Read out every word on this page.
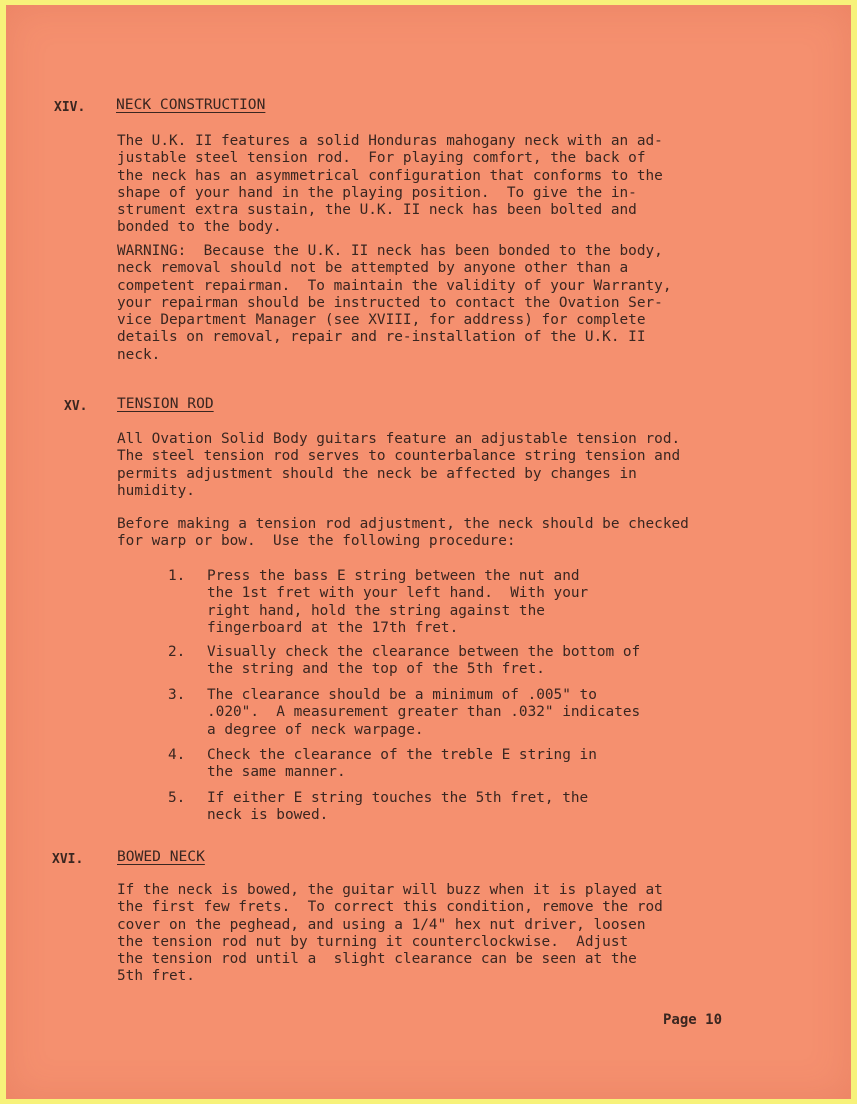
XIV. NECK CONSTRUCTION
The U.K. II features a solid Honduras mahogany neck with an ad-
justable steel tension rod.  For playing comfort, the back of
the neck has an asymmetrical configuration that conforms to the
shape of your hand in the playing position.  To give the in-
strument extra sustain, the U.K. II neck has been bolted and
bonded to the body.
WARNING:  Because the U.K. II neck has been bonded to the body,
neck removal should not be attempted by anyone other than a
competent repairman.  To maintain the validity of your Warranty,
your repairman should be instructed to contact the Ovation Ser-
vice Department Manager (see XVIII, for address) for complete
details on removal, repair and re-installation of the U.K. II
neck.
XV. TENSION ROD
All Ovation Solid Body guitars feature an adjustable tension rod.
The steel tension rod serves to counterbalance string tension and
permits adjustment should the neck be affected by changes in
humidity.
Before making a tension rod adjustment, the neck should be checked
for warp or bow.  Use the following procedure:
1. Press the bass E string between the nut and
the 1st fret with your left hand.  With your
right hand, hold the string against the
fingerboard at the 17th fret.
2. Visually check the clearance between the bottom of
the string and the top of the 5th fret.
3. The clearance should be a minimum of .005" to
.020".  A measurement greater than .032" indicates
a degree of neck warpage.
4. Check the clearance of the treble E string in
the same manner.
5. If either E string touches the 5th fret, the
neck is bowed.
XVI. BOWED NECK
If the neck is bowed, the guitar will buzz when it is played at
the first few frets.  To correct this condition, remove the rod
cover on the peghead, and using a 1/4" hex nut driver, loosen
the tension rod nut by turning it counterclockwise.  Adjust
the tension rod until a  slight clearance can be seen at the
5th fret.
Page 10
